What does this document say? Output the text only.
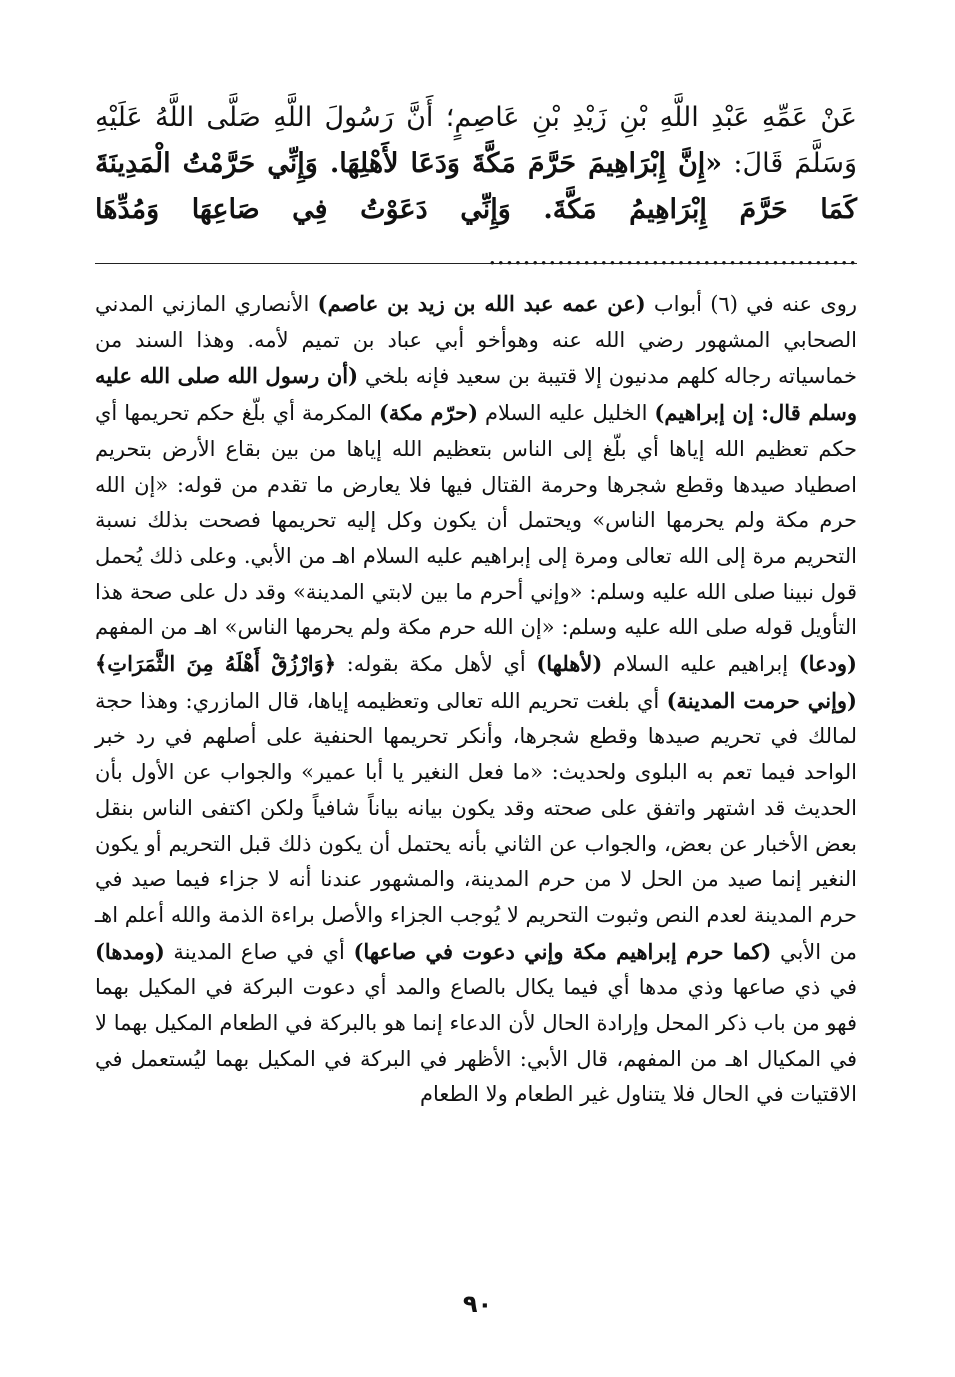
عَنْ عَمِّهِ عَبْدِ اللَّهِ بْنِ زَيْدِ بْنِ عَاصِمٍ؛ أَنَّ رَسُولَ اللَّهِ صَلَّى اللَّهُ عَلَيْهِ وَسَلَّمَ قَالَ: «إِنَّ إِبْرَاهِيمَ حَرَّمَ مَكَّةَ وَدَعَا لأَهْلِهَا. وَإِنِّي حَرَّمْتُ الْمَدِينَةَ كَمَا حَرَّمَ إِبْرَاهِيمُ مَكَّةَ. وَإِنِّي دَعَوْتُ فِي صَاعِهَا وَمُدِّهَا ...........................................
روى عنه في (٦) أبواب (عن عمه عبد الله بن زيد بن عاصم) الأنصاري المازني المدني الصحابي المشهور رضي الله عنه وهوأخو أبي عباد بن تميم لأمه. وهذا السند من خماسياته رجاله كلهم مدنيون إلا قتيبة بن سعيد فإنه بلخي (أن رسول الله صلى الله عليه وسلم قال: إن إبراهيم) الخليل عليه السلام (حرّم مكة) المكرمة أي بلّغ حكم تحريمها أي حكم تعظيم الله إياها أي بلّغ إلى الناس بتعظيم الله إياها من بين بقاع الأرض بتحريم اصطياد صيدها وقطع شجرها وحرمة القتال فيها فلا يعارض ما تقدم من قوله: «إن الله حرم مكة ولم يحرمها الناس» ويحتمل أن يكون وكل إليه تحريمها فصحت بذلك نسبة التحريم مرة إلى الله تعالى ومرة إلى إبراهيم عليه السلام اهـ من الأبي. وعلى ذلك يُحمل قول نبينا صلى الله عليه وسلم: «وإني أحرم ما بين لابتي المدينة» وقد دل على صحة هذا التأويل قوله صلى الله عليه وسلم: «إن الله حرم مكة ولم يحرمها الناس» اهـ من المفهم (ودعا) إبراهيم عليه السلام (لأهلها) أي لأهل مكة بقوله: ﴿وَارْزُقْ أَهْلَهُ مِنَ الثَّمَرَاتِ﴾ (وإني حرمت المدينة) أي بلغت تحريم الله تعالى وتعظيمه إياها، قال المازري: وهذا حجة لمالك في تحريم صيدها وقطع شجرها، وأنكر تحريمها الحنفية على أصلهم في رد خبر الواحد فيما تعم به البلوى ولحديث: «ما فعل النغير يا أبا عمير» والجواب عن الأول بأن الحديث قد اشتهر واتفق على صحته وقد يكون بيانه بياناً شافياً ولكن اكتفى الناس بنقل بعض الأخبار عن بعض، والجواب عن الثاني بأنه يحتمل أن يكون ذلك قبل التحريم أو يكون النغير إنما صيد من الحل لا من حرم المدينة، والمشهور عندنا أنه لا جزاء فيما صيد في حرم المدينة لعدم النص وثبوت التحريم لا يُوجب الجزاء والأصل براءة الذمة والله أعلم اهـ من الأبي (كما حرم إبراهيم مكة وإني دعوت في صاعها) أي في صاع المدينة (ومدها) في ذي صاعها وذي مدها أي فيما يكال بالصاع والمد أي دعوت البركة في المكيل بهما فهو من باب ذكر المحل وإرادة الحال لأن الدعاء إنما هو بالبركة في الطعام المكيل بهما لا في المكيال اهـ من المفهم، قال الأبي: الأظهر في البركة في المكيل بهما ليُستعمل في الاقتيات في الحال فلا يتناول غير الطعام ولا الطعام
٩٠
